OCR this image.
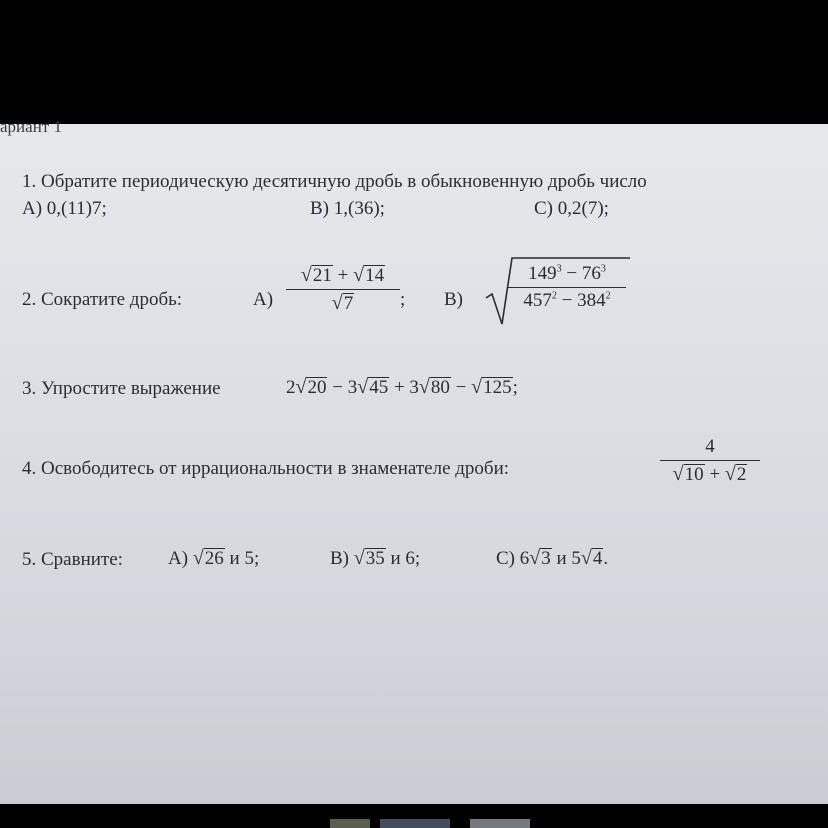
ариант 1
1. Обратите периодическую десятичную дробь в обыкновенную дробь число
А) 0,(11)7;	В) 1,(36);	С) 0,2(7);
2. Сократите дробь:	А)
√21 + √14
√7	; В)
$149^3 - 76^3$
$457^2 - 384^2$
3. Упростите выражение	2√20 − 3√45 + 3√80 − √125;
4. Освободитесь от иррациональности в знаменателе дроби:
4
√10 + √2
5. Сравните: А) √26 и 5;	В) √35 и 6;	С) 6√3 и 5√4.
